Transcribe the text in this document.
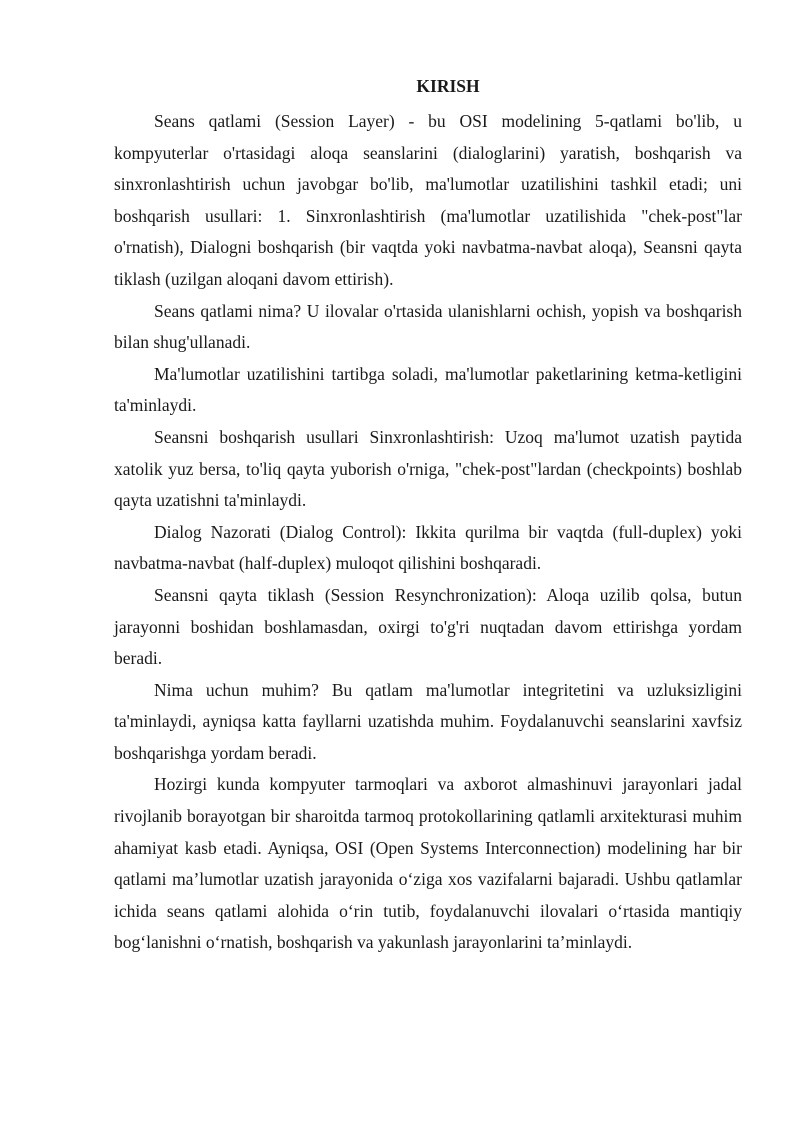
KIRISH

Seans qatlami (Session Layer) - bu OSI modelining 5-qatlami bo'lib, u kompyuterlar o'rtasidagi aloqa seanslarini (dialoglarini) yaratish, boshqarish va sinxronlashtirish uchun javobgar bo'lib, ma'lumotlar uzatilishini tashkil etadi; uni boshqarish usullari: 1. Sinxronlashtirish (ma'lumotlar uzatilishida "chek-post"lar o'rnatish), Dialogni boshqarish (bir vaqtda yoki navbatma-navbat aloqa), Seansni qayta tiklash (uzilgan aloqani davom ettirish).

Seans qatlami nima? U ilovalar o'rtasida ulanishlarni ochish, yopish va boshqarish bilan shug'ullanadi.

Ma'lumotlar uzatilishini tartibga soladi, ma'lumotlar paketlarining ketma-ketligini ta'minlaydi.

Seansni boshqarish usullari Sinxronlashtirish: Uzoq ma'lumot uzatish paytida xatolik yuz bersa, to'liq qayta yuborish o'rniga, "chek-post"lardan (checkpoints) boshlab qayta uzatishni ta'minlaydi.

Dialog Nazorati (Dialog Control): Ikkita qurilma bir vaqtda (full-duplex) yoki navbatma-navbat (half-duplex) muloqot qilishini boshqaradi.

Seansni qayta tiklash (Session Resynchronization): Aloqa uzilib qolsa, butun jarayonni boshidan boshlamasdan, oxirgi to'g'ri nuqtadan davom ettirishga yordam beradi.

Nima uchun muhim? Bu qatlam ma'lumotlar integritetini va uzluksizligini ta'minlaydi, ayniqsa katta fayllarni uzatishda muhim. Foydalanuvchi seanslarini xavfsiz boshqarishga yordam beradi.

Hozirgi kunda kompyuter tarmoqlari va axborot almashinuvi jarayonlari jadal rivojlanib borayotgan bir sharoitda tarmoq protokollarining qatlamli arxitekturasi muhim ahamiyat kasb etadi. Ayniqsa, OSI (Open Systems Interconnection) modelining har bir qatlami ma’lumotlar uzatish jarayonida o‘ziga xos vazifalarni bajaradi. Ushbu qatlamlar ichida seans qatlami alohida o‘rin tutib, foydalanuvchi ilovalari o‘rtasida mantiqiy bog‘lanishni o‘rnatish, boshqarish va yakunlash jarayonlarini ta’minlaydi.
